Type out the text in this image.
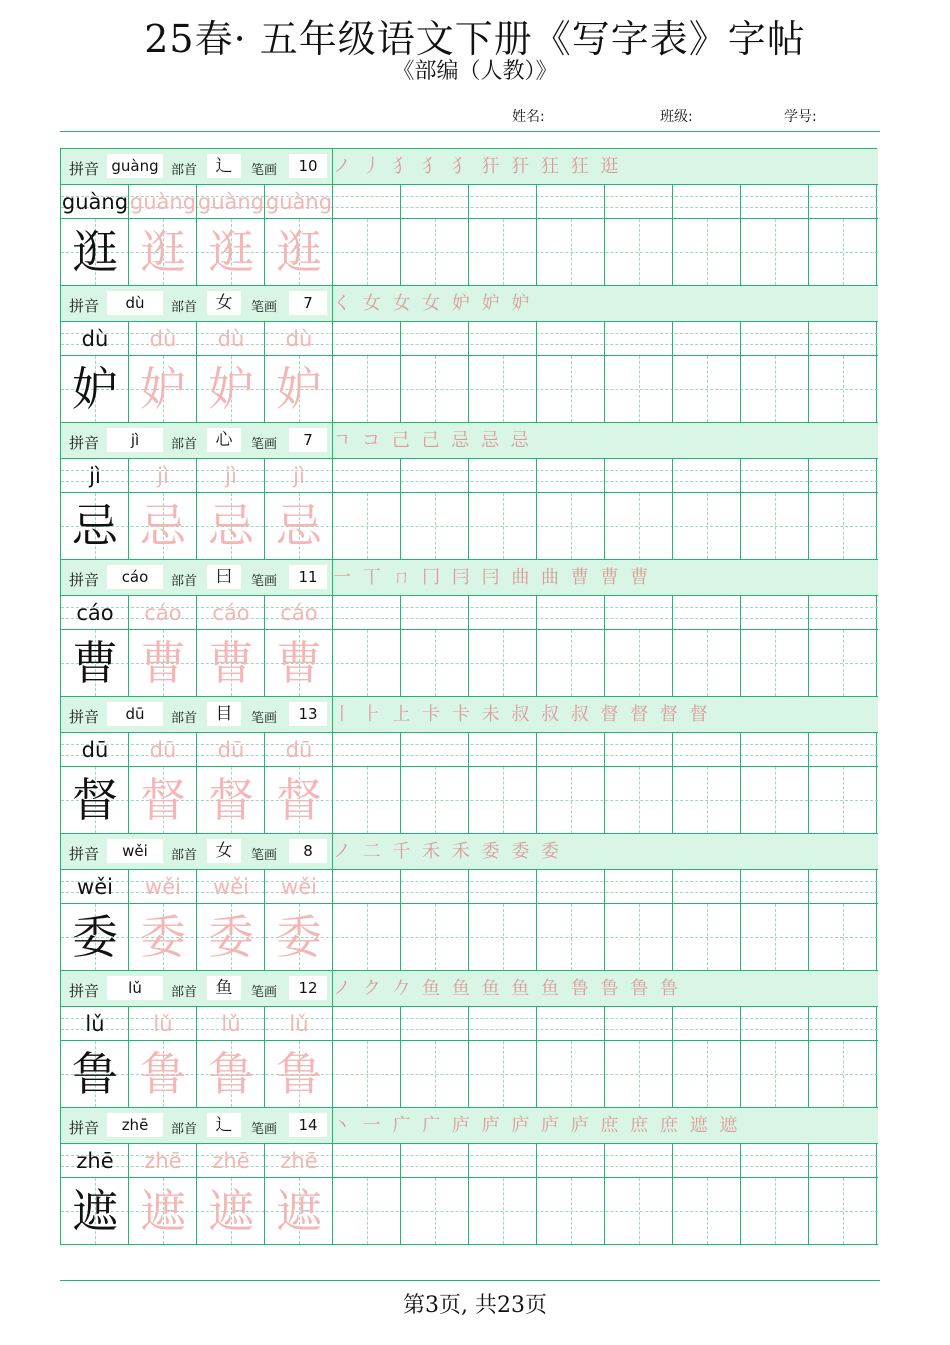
25春· 五年级语文下册《写字表》字帖
《部编（人教）》
姓名:	班级:	学号:
拼音 guàng 部首	辶	笔画	10 ノ 丿 犭 犭 犭 犴 犴 狂 狂 逛
guàng guàng guàng guàng
逛 逛 逛 逛
拼音	dù	部首	女	笔画	7	く 女 女 女 妒 妒 妒
dù	dù	dù	dù
妒 妒 妒 妒
拼音	jì	部首	心	笔画	7	ㄱ コ 己 己 忌 忌 忌
jì	jì	jì	jì
忌 忌 忌 忌
拼音	cáo	部首	曰	笔画	11 一 丅 ㄇ 冂 冃 冃 曲 曲 曹 曹 曹
cáo	cáo	cáo	cáo
曹 曹 曹 曹
拼音	dū	部首	目	笔画	13 丨 ⺊ 上 卡 卡 未 叔 叔 叔 督 督 督 督
dū	dū	dū	dū
督 督 督 督
拼音	wěi	部首	女	笔画	8	ノ 二 千 禾 禾 委 委 委
wěi	wěi	wěi	wěi
委 委 委 委
拼音	lǔ	部首	鱼	笔画	12 ノ ク 𠂊 鱼 鱼 鱼 鱼 鱼 鲁 鲁 鲁 鲁
lǔ	lǔ	lǔ	lǔ
鲁 鲁 鲁 鲁
拼音	zhē	部首	辶	笔画	14 丶 一 广 广 庐 庐 庐 庐 庐 庶 庶 庶 遮 遮
zhē	zhē	zhē	zhē
遮 遮 遮 遮
第3页, 共23页
